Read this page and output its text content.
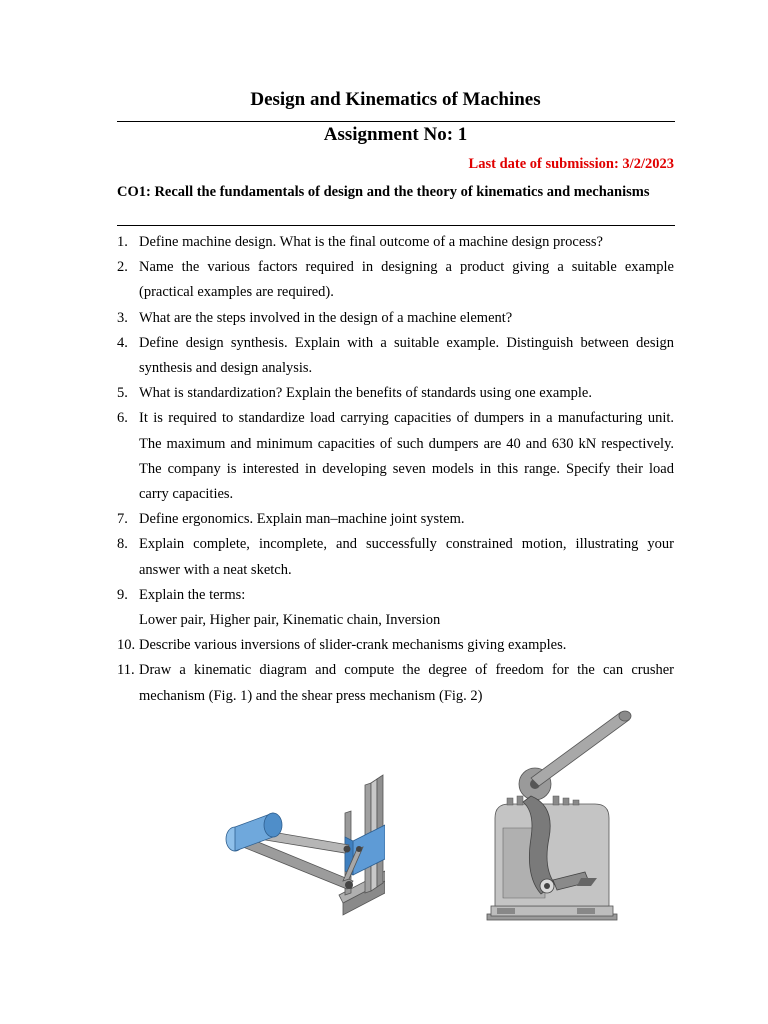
Design and Kinematics of Machines
Assignment No: 1
Last date of submission: 3/2/2023
CO1: Recall the fundamentals of design and the theory of kinematics and mechanisms
1. Define machine design. What is the final outcome of a machine design process?
2. Name the various factors required in designing a product giving a suitable example (practical examples are required).
3. What are the steps involved in the design of a machine element?
4. Define design synthesis. Explain with a suitable example. Distinguish between design synthesis and design analysis.
5. What is standardization? Explain the benefits of standards using one example.
6. It is required to standardize load carrying capacities of dumpers in a manufacturing unit. The maximum and minimum capacities of such dumpers are 40 and 630 kN respectively. The company is interested in developing seven models in this range. Specify their load carry capacities.
7. Define ergonomics. Explain man–machine joint system.
8. Explain complete, incomplete, and successfully constrained motion, illustrating your answer with a neat sketch.
9. Explain the terms:
Lower pair, Higher pair, Kinematic chain, Inversion
10. Describe various inversions of slider-crank mechanisms giving examples.
11. Draw a kinematic diagram and compute the degree of freedom for the can crusher mechanism (Fig. 1) and the shear press mechanism (Fig. 2)
